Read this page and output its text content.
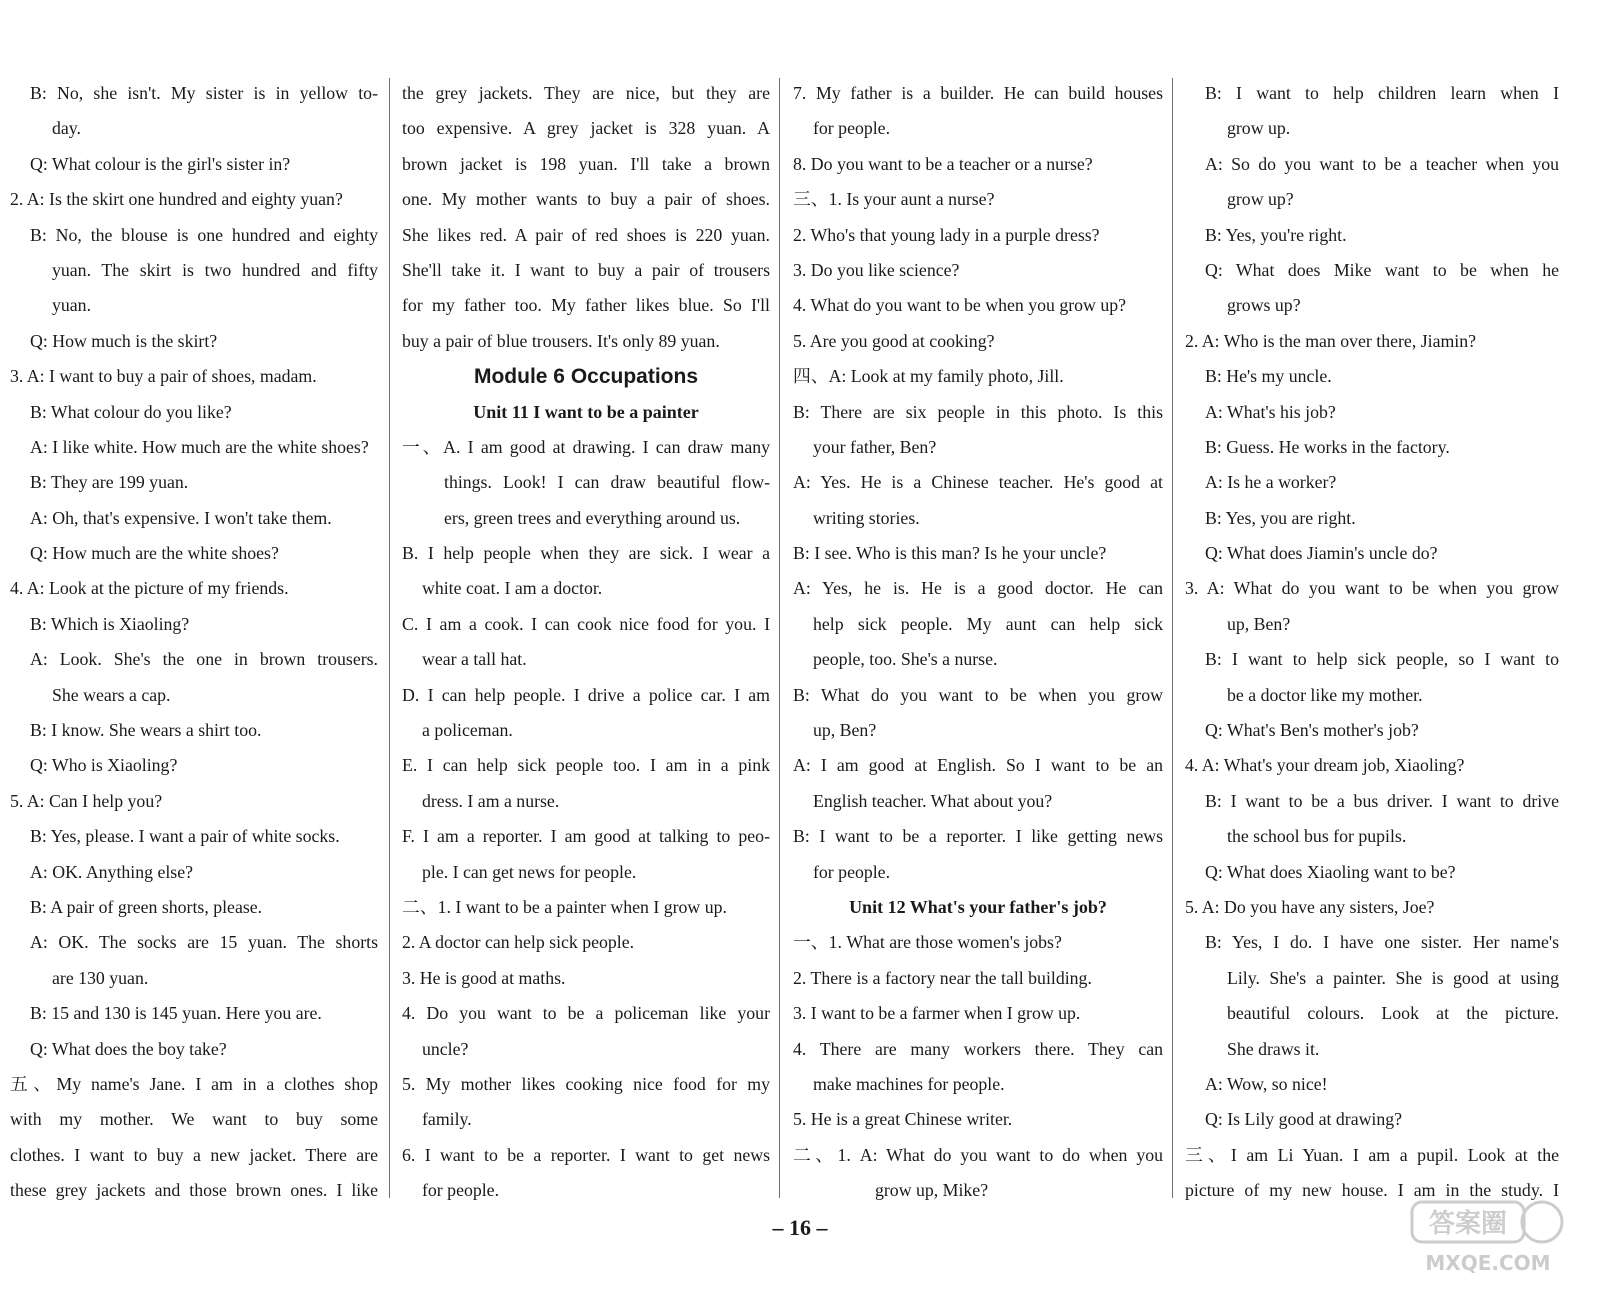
B: No, she isn't. My sister is in yellow to-
day.
Q: What colour is the girl's sister in?
2. A: Is the skirt one hundred and eighty yuan?
B: No, the blouse is one hundred and eighty
yuan. The skirt is two hundred and fifty
yuan.
Q: How much is the skirt?
3. A: I want to buy a pair of shoes, madam.
B: What colour do you like?
A: I like white. How much are the white shoes?
B: They are 199 yuan.
A: Oh, that's expensive. I won't take them.
Q: How much are the white shoes?
4. A: Look at the picture of my friends.
B: Which is Xiaoling?
A: Look. She's the one in brown trousers.
She wears a cap.
B: I know. She wears a shirt too.
Q: Who is Xiaoling?
5. A: Can I help you?
B: Yes, please. I want a pair of white socks.
A: OK. Anything else?
B: A pair of green shorts, please.
A: OK. The socks are 15 yuan. The shorts
are 130 yuan.
B: 15 and 130 is 145 yuan. Here you are.
Q: What does the boy take?
五、My name's Jane. I am in a clothes shop
with my mother. We want to buy some
clothes. I want to buy a new jacket. There are
these grey jackets and those brown ones. I like
the grey jackets. They are nice, but they are
too expensive. A grey jacket is 328 yuan. A
brown jacket is 198 yuan. I'll take a brown
one. My mother wants to buy a pair of shoes.
She likes red. A pair of red shoes is 220 yuan.
She'll take it. I want to buy a pair of trousers
for my father too. My father likes blue. So I'll
buy a pair of blue trousers. It's only 89 yuan.
Module 6 Occupations
Unit 11 I want to be a painter
一、A. I am good at drawing. I can draw many
things. Look! I can draw beautiful flow-
ers, green trees and everything around us.
B. I help people when they are sick. I wear a
white coat. I am a doctor.
C. I am a cook. I can cook nice food for you. I
wear a tall hat.
D. I can help people. I drive a police car. I am
a policeman.
E. I can help sick people too. I am in a pink
dress. I am a nurse.
F. I am a reporter. I am good at talking to peo-
ple. I can get news for people.
二、1. I want to be a painter when I grow up.
2. A doctor can help sick people.
3. He is good at maths.
4. Do you want to be a policeman like your
uncle?
5. My mother likes cooking nice food for my
family.
6. I want to be a reporter. I want to get news
for people.
7. My father is a builder. He can build houses
for people.
8. Do you want to be a teacher or a nurse?
三、1. Is your aunt a nurse?
2. Who's that young lady in a purple dress?
3. Do you like science?
4. What do you want to be when you grow up?
5. Are you good at cooking?
四、A: Look at my family photo, Jill.
B: There are six people in this photo. Is this
your father, Ben?
A: Yes. He is a Chinese teacher. He's good at
writing stories.
B: I see. Who is this man? Is he your uncle?
A: Yes, he is. He is a good doctor. He can
help sick people. My aunt can help sick
people, too. She's a nurse.
B: What do you want to be when you grow
up, Ben?
A: I am good at English. So I want to be an
English teacher. What about you?
B: I want to be a reporter. I like getting news
for people.
Unit 12 What's your father's job?
一、1. What are those women's jobs?
2. There is a factory near the tall building.
3. I want to be a farmer when I grow up.
4. There are many workers there. They can
make machines for people.
5. He is a great Chinese writer.
二、1. A: What do you want to do when you
grow up, Mike?
B: I want to help children learn when I
grow up.
A: So do you want to be a teacher when you
grow up?
B: Yes, you're right.
Q: What does Mike want to be when he
grows up?
2. A: Who is the man over there, Jiamin?
B: He's my uncle.
A: What's his job?
B: Guess. He works in the factory.
A: Is he a worker?
B: Yes, you are right.
Q: What does Jiamin's uncle do?
3. A: What do you want to be when you grow
up, Ben?
B: I want to help sick people, so I want to
be a doctor like my mother.
Q: What's Ben's mother's job?
4. A: What's your dream job, Xiaoling?
B: I want to be a bus driver. I want to drive
the school bus for pupils.
Q: What does Xiaoling want to be?
5. A: Do you have any sisters, Joe?
B: Yes, I do. I have one sister. Her name's
Lily. She's a painter. She is good at using
beautiful colours. Look at the picture.
She draws it.
A: Wow, so nice!
Q: Is Lily good at drawing?
三、I am Li Yuan. I am a pupil. Look at the
picture of my new house. I am in the study. I
– 16 –	答案圈
MXQE.COM
